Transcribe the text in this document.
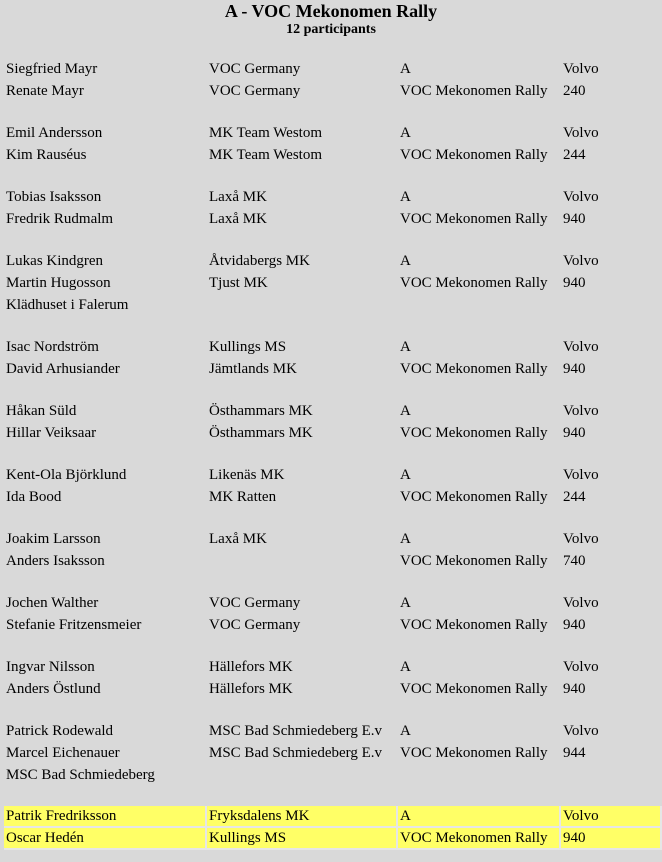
A - VOC Mekonomen Rally
12 participants
Siegfried Mayr	VOC Germany	A	Volvo
Renate Mayr	VOC Germany	VOC Mekonomen Rally	240

Emil Andersson	MK Team Westom	A	Volvo
Kim Rauséus	MK Team Westom	VOC Mekonomen Rally	244

Tobias Isaksson	Laxå MK	A	Volvo
Fredrik Rudmalm	Laxå MK	VOC Mekonomen Rally	940

Lukas Kindgren	Åtvidabergs MK	A	Volvo
Martin Hugosson	Tjust MK	VOC Mekonomen Rally	940
Klädhuset i Falerum			

Isac Nordström	Kullings MS	A	Volvo
David Arhusiander	Jämtlands MK	VOC Mekonomen Rally	940

Håkan Süld	Östhammars MK	A	Volvo
Hillar Veiksaar	Östhammars MK	VOC Mekonomen Rally	940

Kent-Ola Björklund	Likenäs MK	A	Volvo
Ida Bood	MK Ratten	VOC Mekonomen Rally	244

Joakim Larsson	Laxå MK	A	Volvo
Anders Isaksson		VOC Mekonomen Rally	740

Jochen Walther	VOC Germany	A	Volvo
Stefanie Fritzensmeier	VOC Germany	VOC Mekonomen Rally	940

Ingvar Nilsson	Hällefors MK	A	Volvo
Anders Östlund	Hällefors MK	VOC Mekonomen Rally	940

Patrick Rodewald	MSC Bad Schmiedeberg E.v	A	Volvo
Marcel Eichenauer	MSC Bad Schmiedeberg E.v	VOC Mekonomen Rally	944
MSC Bad Schmiedeberg			

Patrik Fredriksson	Fryksdalens MK	A	Volvo
Oscar Hedén	Kullings MS	VOC Mekonomen Rally	940
